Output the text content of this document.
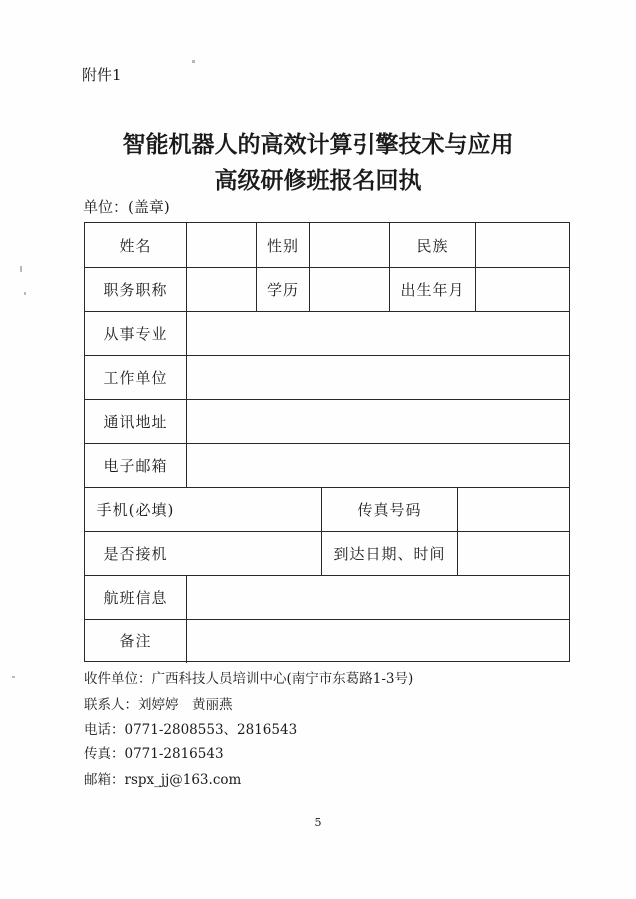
附件1
智能机器人的高效计算引擎技术与应用
高级研修班报名回执
单位：(盖章)
姓名	性别	民族
职务职称	学历	出生年月
从事专业
工作单位
通讯地址
电子邮箱
手机(必填)	传真号码
是否接机	到达日期、时间
航班信息
备注
收件单位：广西科技人员培训中心(南宁市东葛路1-3号)
联系人：刘婷婷　黄丽燕
电话：0771-2808553、2816543
传真：0771-2816543
邮箱：rspx_jj@163.com
5
